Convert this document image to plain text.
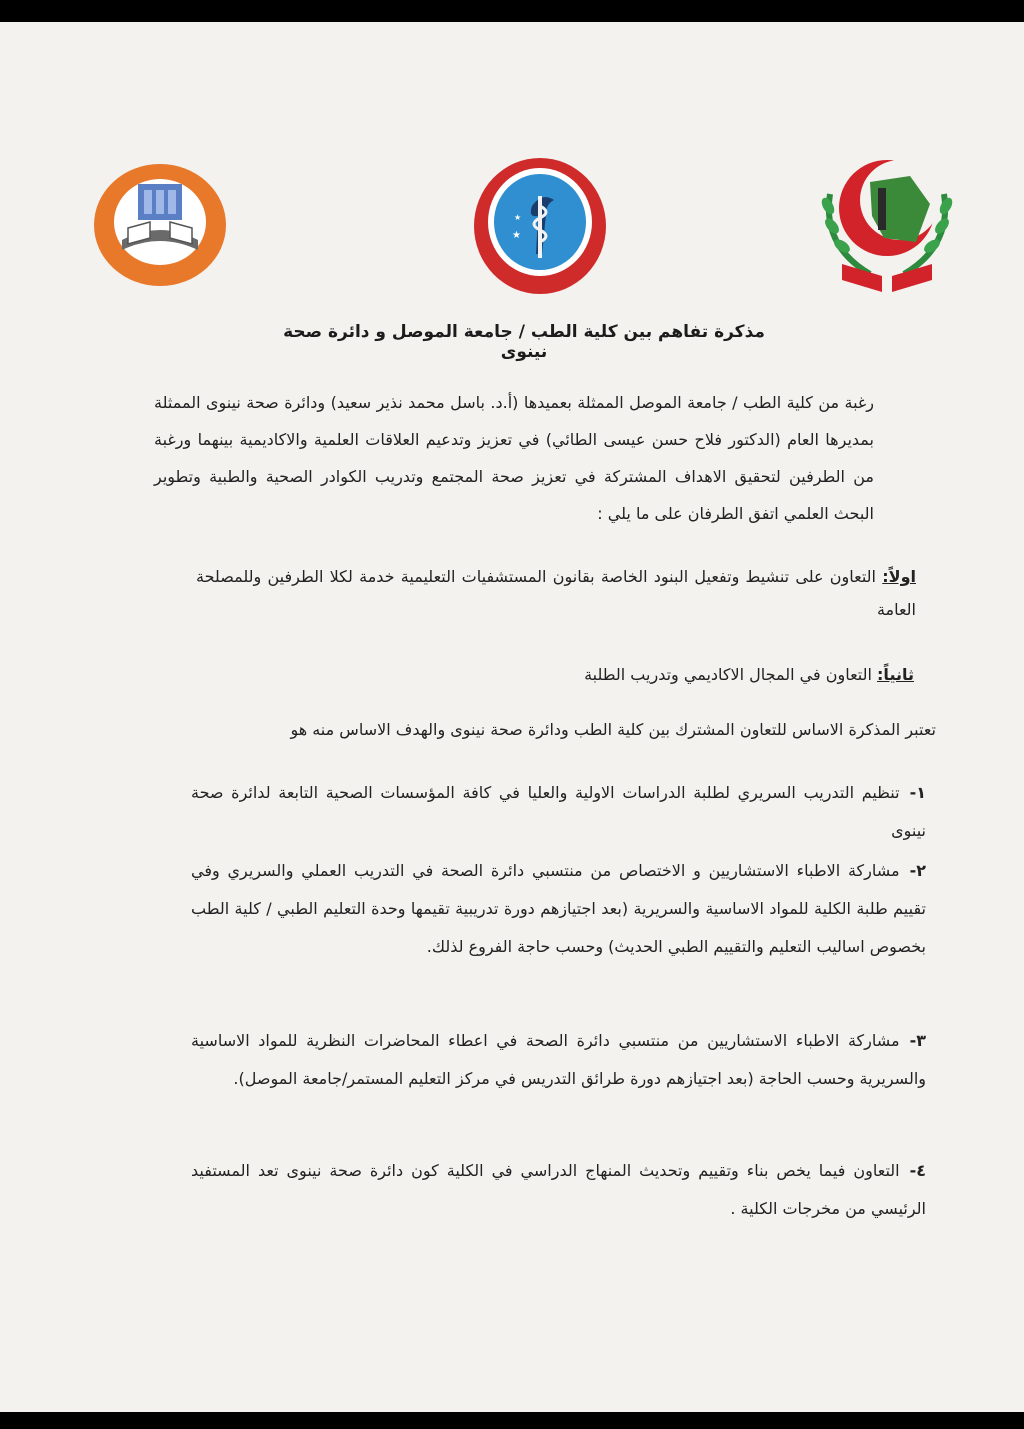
★
★
مذكرة تفاهم بين كلية الطب / جامعة الموصل و دائرة صحة نينوى
رغبة من كلية الطب / جامعة الموصل الممثلة بعميدها (أ.د. باسل محمد نذير سعيد) ودائرة صحة نينوى الممثلة بمديرها العام (الدكتور فلاح حسن عيسى الطائي) في تعزيز وتدعيم العلاقات العلمية والاكاديمية بينهما ورغبة من الطرفين لتحقيق الاهداف المشتركة في تعزيز صحة المجتمع وتدريب الكوادر الصحية والطبية وتطوير البحث العلمي اتفق الطرفان على ما يلي :
اولاً: التعاون على تنشيط وتفعيل البنود الخاصة بقانون المستشفيات التعليمية خدمة لكلا الطرفين وللمصلحة العامة
ثانياً: التعاون في المجال الاكاديمي وتدريب الطلبة
تعتبر المذكرة الاساس للتعاون المشترك بين كلية الطب ودائرة صحة نينوى والهدف الاساس منه هو
١-تنظيم التدريب السريري لطلبة الدراسات الاولية والعليا في كافة المؤسسات الصحية التابعة لدائرة صحة نينوى
٢-مشاركة الاطباء الاستشاريين و الاختصاص من منتسبي دائرة الصحة في التدريب العملي والسريري وفي تقييم طلبة الكلية للمواد الاساسية والسريرية (بعد اجتيازهم دورة تدريبية تقيمها وحدة التعليم الطبي / كلية الطب بخصوص اساليب التعليم والتقييم الطبي الحديث) وحسب حاجة الفروع لذلك.
٣-مشاركة الاطباء الاستشاريين من منتسبي دائرة الصحة في اعطاء المحاضرات النظرية للمواد الاساسية والسريرية وحسب الحاجة (بعد اجتيازهم دورة طرائق التدريس في مركز التعليم المستمر/جامعة الموصل).
٤-التعاون فيما يخص بناء وتقييم وتحديث المنهاج الدراسي في الكلية كون دائرة صحة نينوى تعد المستفيد الرئيسي من مخرجات الكلية .
